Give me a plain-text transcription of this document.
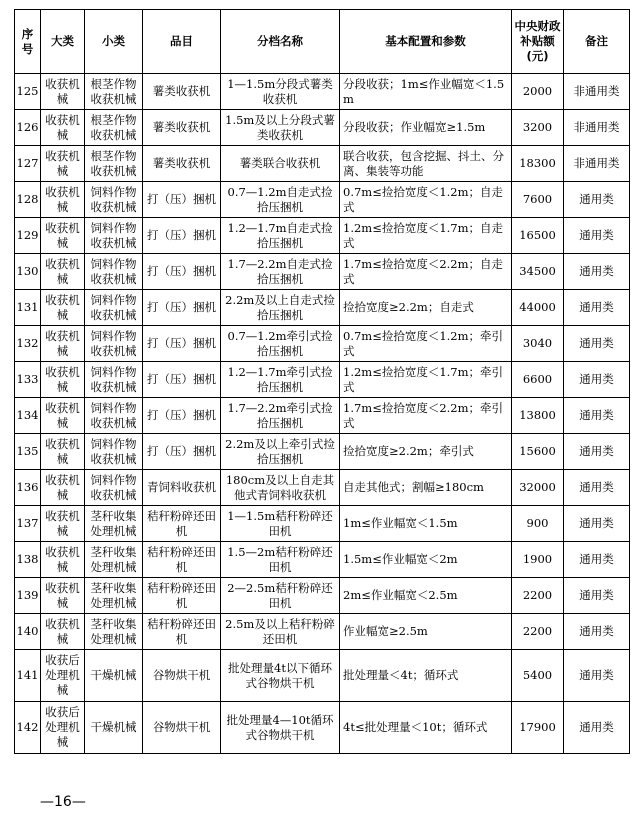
序号	大类	小类	品目	分档名称	基本配置和参数	中央财政补贴额(元)	备注
125	收获机械	根茎作物收获机械	薯类收获机	1—1.5m分段式薯类收获机	分段收获；1m≤作业幅宽＜1.5m	2000	非通用类
126	收获机械	根茎作物收获机械	薯类收获机	1.5m及以上分段式薯类收获机	分段收获；作业幅宽≥1.5m	3200	非通用类
127	收获机械	根茎作物收获机械	薯类收获机	薯类联合收获机	联合收获，包含挖掘、抖土、分离、集装等功能	18300	非通用类
128	收获机械	饲料作物收获机械	打（压）捆机	0.7—1.2m自走式捡拾压捆机	0.7m≤捡拾宽度＜1.2m；自走式	7600	通用类
129	收获机械	饲料作物收获机械	打（压）捆机	1.2—1.7m自走式捡拾压捆机	1.2m≤捡拾宽度＜1.7m；自走式	16500	通用类
130	收获机械	饲料作物收获机械	打（压）捆机	1.7—2.2m自走式捡拾压捆机	1.7m≤捡拾宽度＜2.2m；自走式	34500	通用类
131	收获机械	饲料作物收获机械	打（压）捆机	2.2m及以上自走式捡拾压捆机	捡拾宽度≥2.2m；自走式	44000	通用类
132	收获机械	饲料作物收获机械	打（压）捆机	0.7—1.2m牵引式捡拾压捆机	0.7m≤捡拾宽度＜1.2m；牵引式	3040	通用类
133	收获机械	饲料作物收获机械	打（压）捆机	1.2—1.7m牵引式捡拾压捆机	1.2m≤捡拾宽度＜1.7m；牵引式	6600	通用类
134	收获机械	饲料作物收获机械	打（压）捆机	1.7—2.2m牵引式捡拾压捆机	1.7m≤捡拾宽度＜2.2m；牵引式	13800	通用类
135	收获机械	饲料作物收获机械	打（压）捆机	2.2m及以上牵引式捡拾压捆机	捡拾宽度≥2.2m；牵引式	15600	通用类
136	收获机械	饲料作物收获机械	青饲料收获机	180cm及以上自走其他式青饲料收获机	自走其他式；割幅≥180cm	32000	通用类
137	收获机械	茎秆收集处理机械	秸秆粉碎还田机	1—1.5m秸秆粉碎还田机	1m≤作业幅宽＜1.5m	900	通用类
138	收获机械	茎秆收集处理机械	秸秆粉碎还田机	1.5—2m秸秆粉碎还田机	1.5m≤作业幅宽＜2m	1900	通用类
139	收获机械	茎秆收集处理机械	秸秆粉碎还田机	2—2.5m秸秆粉碎还田机	2m≤作业幅宽＜2.5m	2200	通用类
140	收获机械	茎秆收集处理机械	秸秆粉碎还田机	2.5m及以上秸秆粉碎还田机	作业幅宽≥2.5m	2200	通用类
141	收获后处理机械	干燥机械	谷物烘干机	批处理量4t以下循环式谷物烘干机	批处理量＜4t；循环式	5400	通用类
142	收获后处理机械	干燥机械	谷物烘干机	批处理量4—10t循环式谷物烘干机	4t≤批处理量＜10t；循环式	17900	通用类
—16—
